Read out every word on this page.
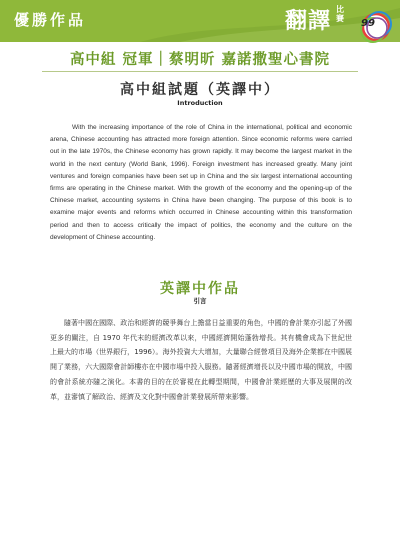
優勝作品	翻譯 比賽	99
高中組 冠軍｜蔡明昕 嘉諾撒聖心書院
高中組試題（英譯中）
Introduction

With the increasing importance of the role of China in the international, political and economic arena, Chinese accounting has attracted more foreign attention. Since economic reforms were carried out in the late 1970s, the Chinese economy has grown rapidly. It may become the largest market in the world in the next century (World Bank, 1996). Foreign investment has increased greatly. Many joint ventures and foreign companies have been set up in China and the six largest international accounting firms are operating in the Chinese market. With the growth of the economy and the opening-up of the Chinese market, accounting systems in China have been changing. The purpose of this book is to examine major events and reforms which occurred in Chinese accounting within this transformation period and then to access critically the impact of politics, the economy and the culture on the development of Chinese accounting.

英譯中作品
引言

隨著中國在國際、政治和經濟的競爭舞台上擔當日益重要的角色，中國的會計業亦引起了外國更多的關注，自 1970 年代末的經濟改革以來，中國經濟開始蓬勃增長。其有機會成為下世紀世上最大的市場（世界銀行，1996）。海外投資大大增加，大量聯合經營項目及海外企業都在中國展開了業務，六大國際會計師樓亦在中國市場中投入服務。隨著經濟增長以及中國市場的開放，中國的會計系統亦隨之演化。本書的目的在於審視在此轉型期間，中國會計業經歷的大事及展開的改革，並審慎了解政治、經濟及文化對中國會計業發展所帶來影響。
